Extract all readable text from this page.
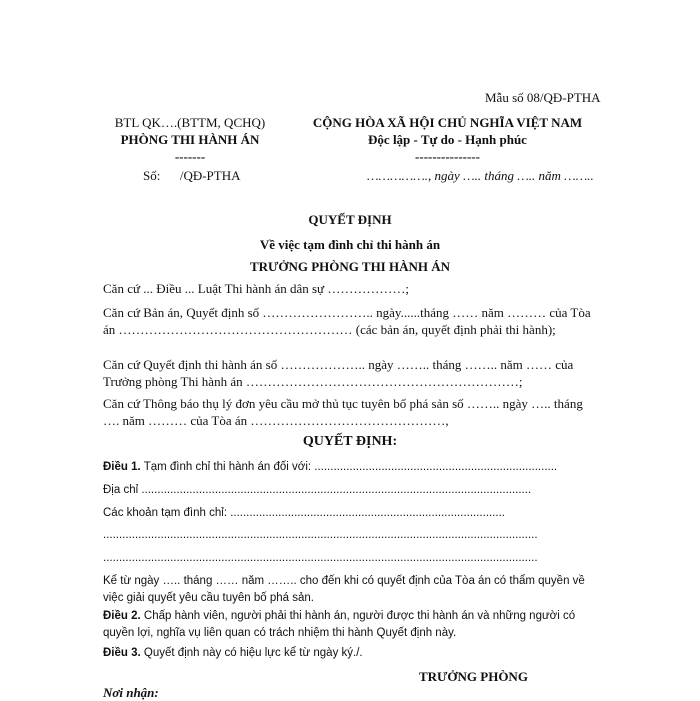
Mẫu số 08/QĐ-PTHA
BTL QK….(BTTM, QCHQ)
PHÒNG THI HÀNH ÁN
-------
Số:      /QĐ-PTHA
CỘNG HÒA XÃ HỘI CHỦ NGHĨA VIỆT NAM
Độc lập - Tự do - Hạnh phúc
---------------
……………., ngày ….. tháng ….. năm ……..
QUYẾT ĐỊNH
Về việc tạm đình chỉ thi hành án
TRƯỞNG PHÒNG THI HÀNH ÁN
Căn cứ ... Điều ... Luật Thi hành án dân sự ………………;
Căn cứ Bản án, Quyết định số …………………….. ngày......tháng …… năm ……… của Tòa án ……………………………………………… (các bản án, quyết định phải thi hành);
Căn cứ Quyết định thi hành án số ……………….. ngày …….. tháng …….. năm …… của Trưởng phòng Thi hành án ………………………………………………………;
Căn cứ Thông báo thụ lý đơn yêu cầu mở thủ tục tuyên bố phá sản số …….. ngày ….. tháng …. năm ……… của Tòa án ………………………………………,
QUYẾT ĐỊNH:
Điều 1. Tạm đình chỉ thi hành án đối với: ............................................................................
Địa chỉ ..........................................................................................................................
Các khoản tạm đình chỉ: ......................................................................................
........................................................................................................................................
........................................................................................................................................
Kể từ ngày ….. tháng …… năm …….. cho đến khi có quyết định của Tòa án có thẩm quyền về việc giải quyết yêu cầu tuyên bố phá sản.
Điều 2. Chấp hành viên, người phải thi hành án, người được thi hành án và những người có quyền lợi, nghĩa vụ liên quan có trách nhiệm thi hành Quyết định này.
Điều 3. Quyết định này có hiệu lực kể từ ngày ký./.
TRƯỞNG PHÒNG
Nơi nhận:
